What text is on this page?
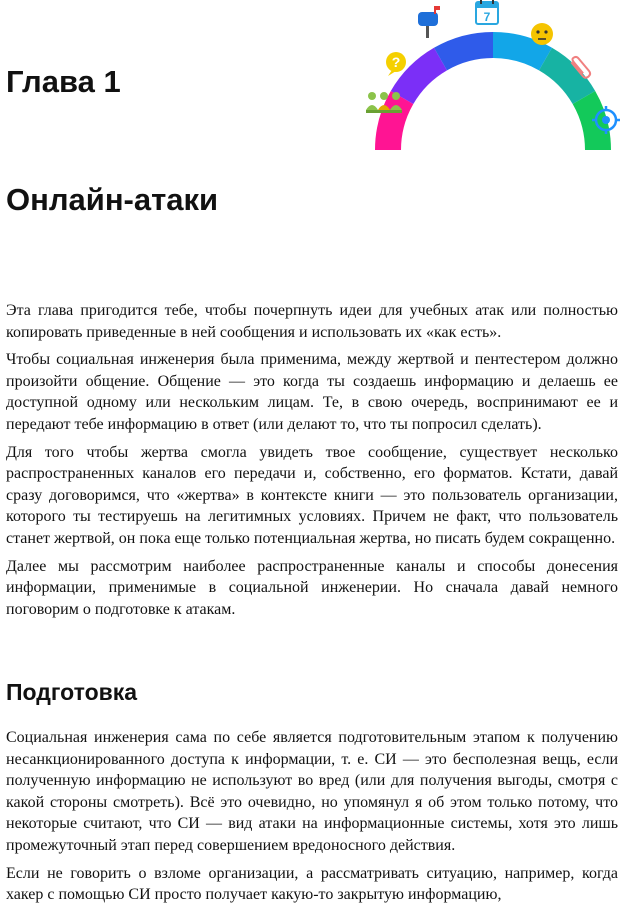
?
7
Глава 1
Онлайн-атаки

Эта глава пригодится тебе, чтобы почерпнуть идеи для учебных атак или полностью копировать приведенные в ней сообщения и использовать их «как есть».

Чтобы социальная инженерия была применима, между жертвой и пентестером должно произойти общение. Общение — это когда ты создаешь информацию и делаешь ее доступной одному или нескольким лицам. Те, в свою очередь, воспринимают ее и передают тебе информацию в ответ (или делают то, что ты попросил сделать).

Для того чтобы жертва смогла увидеть твое сообщение, существует несколько распространенных каналов его передачи и, собственно, его форматов. Кстати, давай сразу договоримся, что «жертва» в контексте книги — это пользователь организации, которого ты тестируешь на легитимных условиях. Причем не факт, что пользователь станет жертвой, он пока еще только потенциальная жертва, но писать будем сокращенно.

Далее мы рассмотрим наиболее распространенные каналы и способы донесения информации, применимые в социальной инженерии. Но сначала давай немного поговорим о подготовке к атакам.

Подготовка

Социальная инженерия сама по себе является подготовительным этапом к получению несанкционированного доступа к информации, т. е. СИ — это бесполезная вещь, если полученную информацию не используют во вред (или для получения выгоды, смотря с какой стороны смотреть). Всё это очевидно, но упомянул я об этом только потому, что некоторые считают, что СИ — вид атаки на информационные системы, хотя это лишь промежуточный этап перед совершением вредоносного действия.

Если не говорить о взломе организации, а рассматривать ситуацию, например, когда хакер с помощью СИ просто получает какую-то закрытую информацию,
